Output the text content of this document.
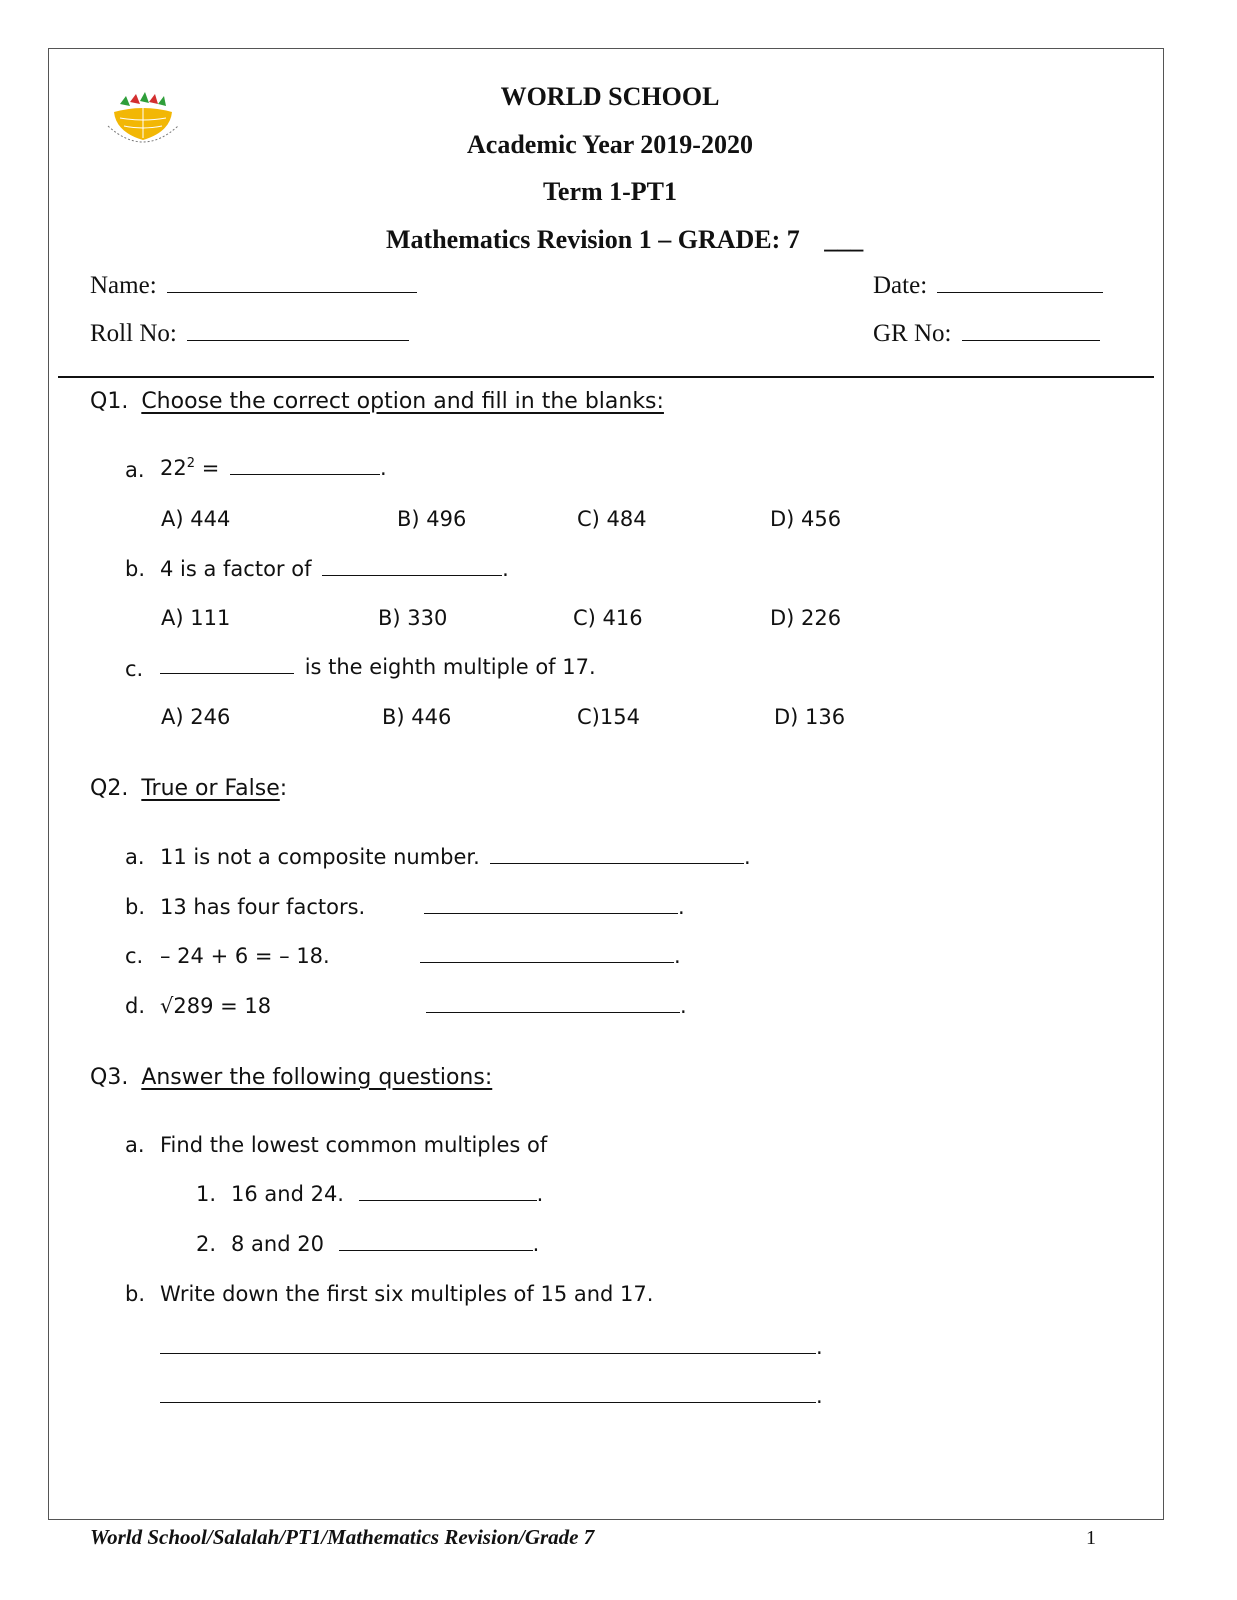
WORLD SCHOOL
Academic Year 2019-2020
Term 1-PT1
Mathematics Revision 1 – GRADE: 7 ___
Name:	Date:
Roll No:	GR No:
Q1. Choose the correct option and fill in the blanks:
a. $22^2$ =	.
A) 444	B) 496	C) 484	D) 456
b. 4 is a factor of	.
A) 111	B) 330	C) 416	D) 226
c.	is the eighth multiple of 17.
A) 246	B) 446	C)154	D) 136
Q2. True or False:
a. 11 is not a composite number.	.
b. 13 has four factors.	.
c. – 24 + 6 = – 18.	.
d. √289 = 18	.
Q3. Answer the following questions:
a. Find the lowest common multiples of
1. 16 and 24.	.
2. 8 and 20	.
b. Write down the first six multiples of 15 and 17.
.
.
World School/Salalah/PT1/Mathematics Revision/Grade 7	1
